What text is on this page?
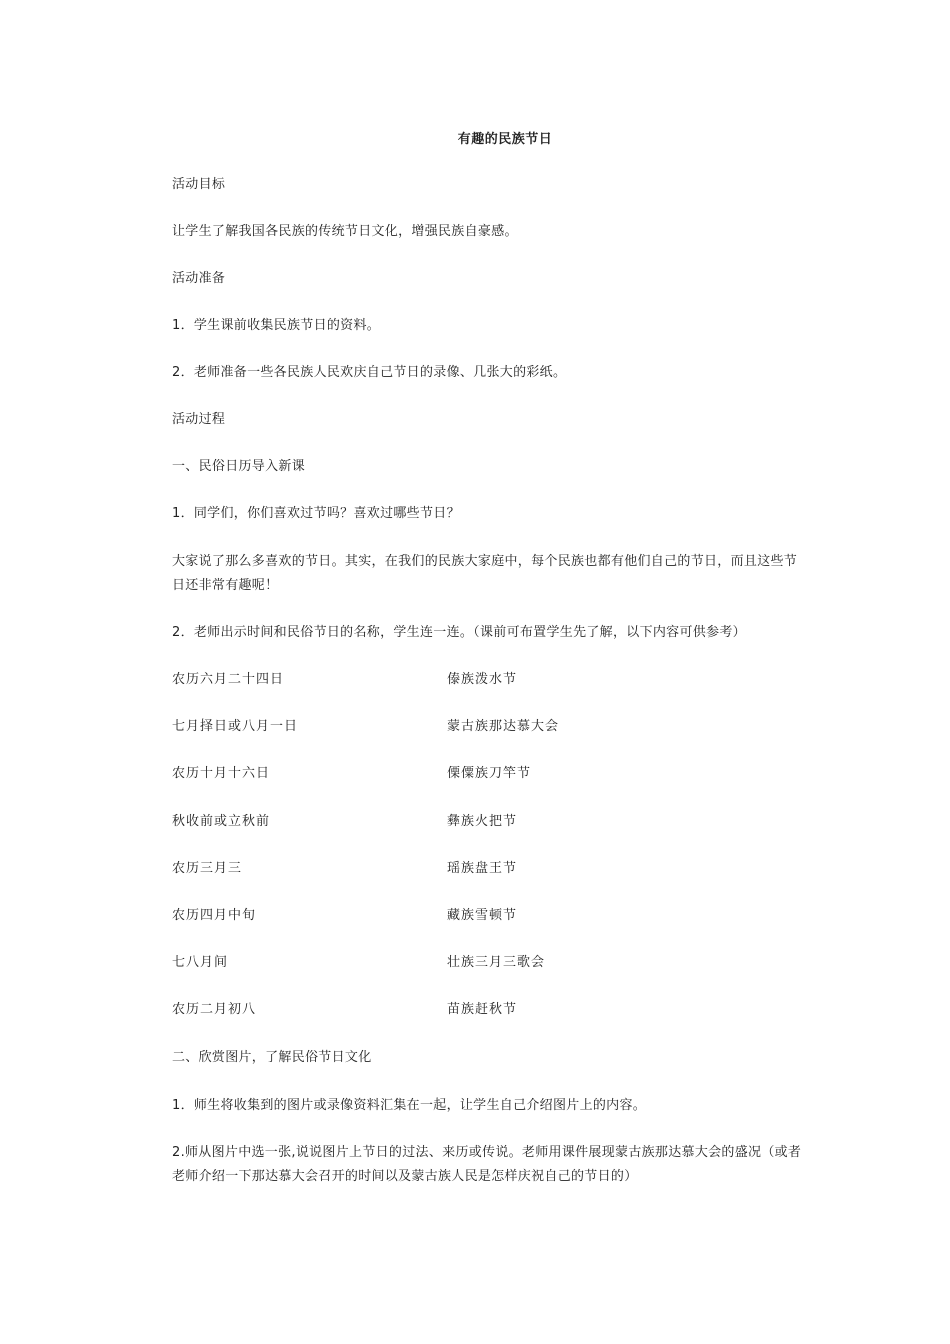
有趣的民族节日
活动目标
让学生了解我国各民族的传统节日文化，增强民族自豪感。
活动准备
1．学生课前收集民族节日的资料。
2．老师准备一些各民族人民欢庆自己节日的录像、几张大的彩纸。
活动过程
一、民俗日历导入新课
1．同学们，你们喜欢过节吗？喜欢过哪些节日？
大家说了那么多喜欢的节日。其实，在我们的民族大家庭中，每个民族也都有他们自己的节日，而且这些节日还非常有趣呢！
2．老师出示时间和民俗节日的名称，学生连一连。（课前可布置学生先了解，以下内容可供参考）
农历六月二十四日	傣族泼水节
七月择日或八月一日	蒙古族那达慕大会
农历十月十六日	傈僳族刀竿节
秋收前或立秋前	彝族火把节
农历三月三	瑶族盘王节
农历四月中旬	藏族雪顿节
七八月间	壮族三月三歌会
农历二月初八	苗族赶秋节
二、欣赏图片，了解民俗节日文化
1．师生将收集到的图片或录像资料汇集在一起，让学生自己介绍图片上的内容。
2.师从图片中选一张,说说图片上节日的过法、来历或传说。老师用课件展现蒙古族那达慕大会的盛况（或者老师介绍一下那达慕大会召开的时间以及蒙古族人民是怎样庆祝自己的节日的）
